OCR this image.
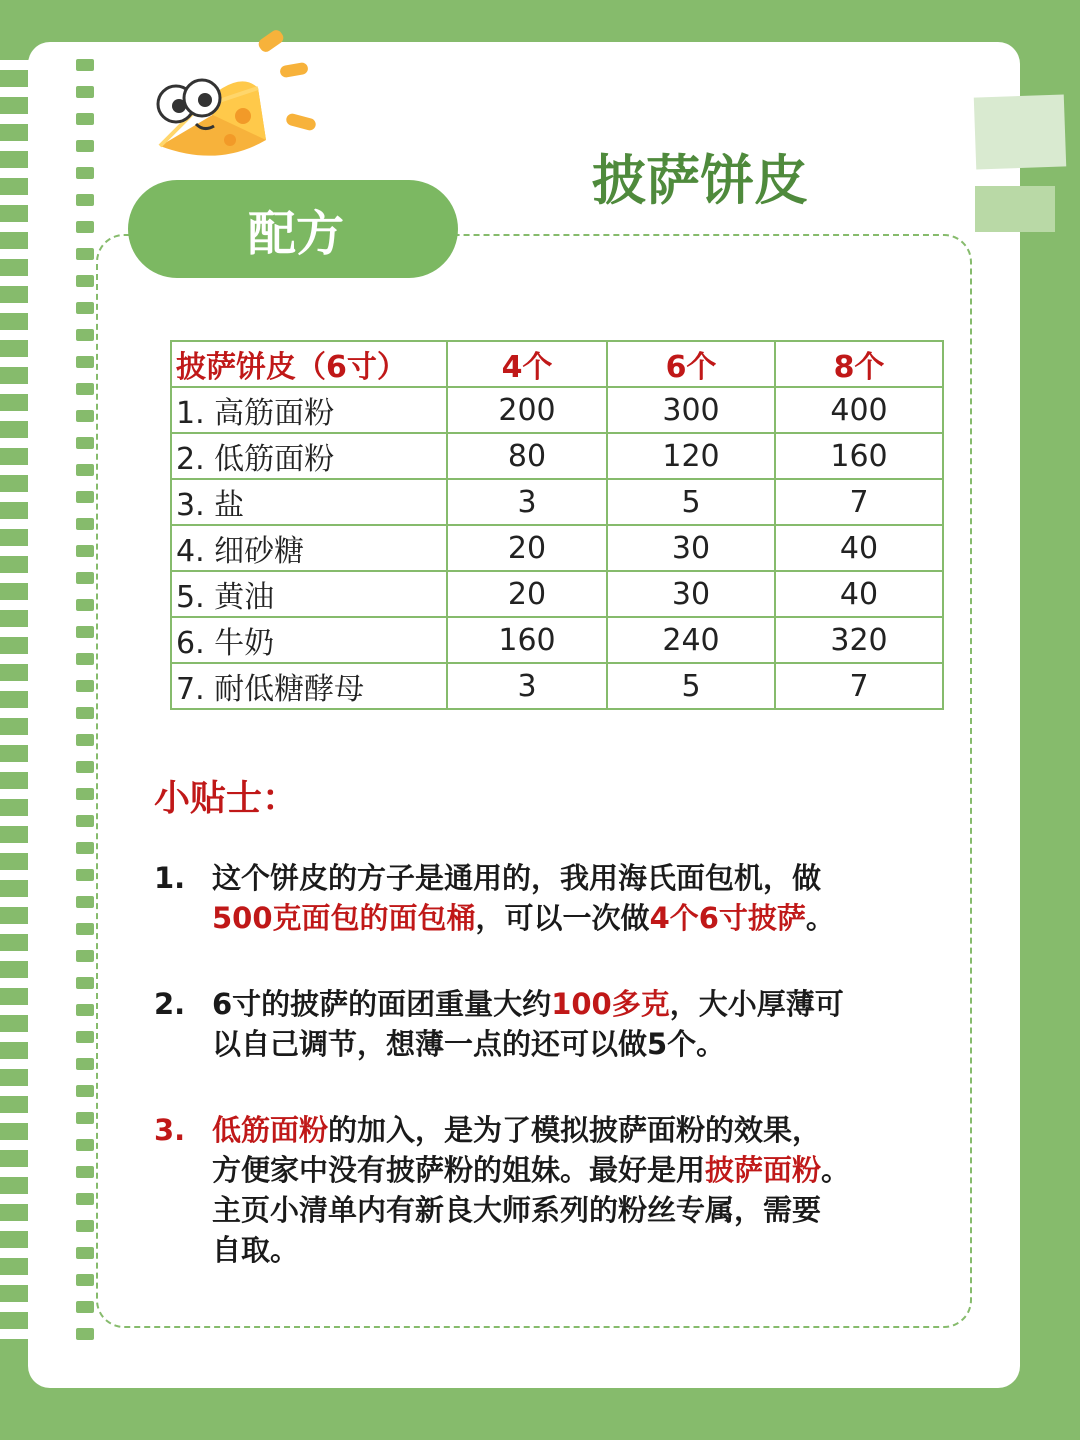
配方
披萨饼皮
披萨饼皮（6寸）	4个	6个	8个
1. 高筋面粉	200	300	400
2. 低筋面粉	80	120	160
3. 盐	3	5	7
4. 细砂糖	20	30	40
5. 黄油	20	30	40
6. 牛奶	160	240	320
7. 耐低糖酵母	3	5	7
小贴士：
1. 这个饼皮的方子是通用的，我用海氏面包机，做
500克面包的面包桶，可以一次做4个6寸披萨。
2. 6寸的披萨的面团重量大约100多克，大小厚薄可
以自己调节，想薄一点的还可以做5个。
3. 低筋面粉的加入，是为了模拟披萨面粉的效果，
方便家中没有披萨粉的姐妹。最好是用披萨面粉。
主页小清单内有新良大师系列的粉丝专属，需要
自取。
